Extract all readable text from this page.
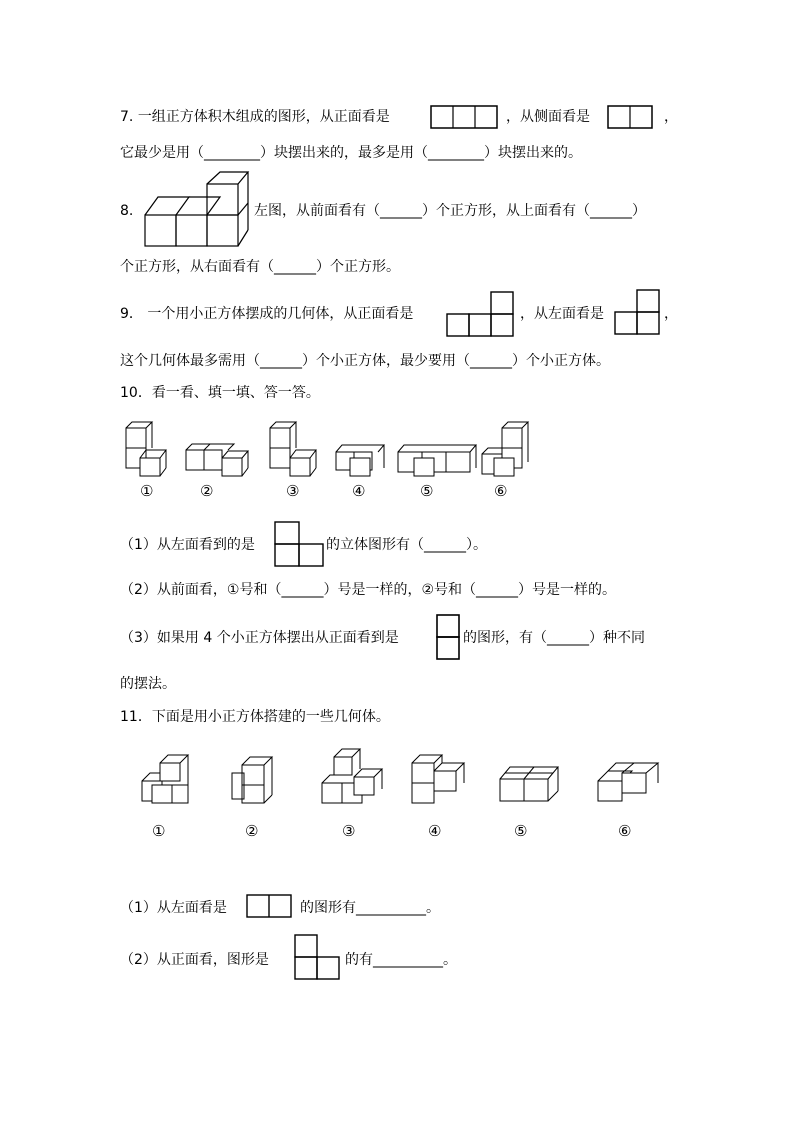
7. 一组正方体积木组成的图形，从正面看是	，从侧面看是	，
它最少是用（________）块摆出来的，最多是用（________）块摆出来的。
8.	左图，从前面看有（______）个正方形，从上面看有（______）
个正方形，从右面看有（______）个正方形。
9． 一个用小正方体摆成的几何体，从正面看是	，从左面看是	，
这个几何体最多需用（______）个小正方体，最少要用（______）个小正方体。
10．看一看、填一填、答一答。
①	②	③	④	⑤	⑥
（1）从左面看到的是	的立体图形有（______）。
（2）从前面看，①号和（______）号是一样的，②号和（______）号是一样的。
（3）如果用 4 个小正方体摆出从正面看到是	的图形，有（______）种不同
的摆法。
11．下面是用小正方体搭建的一些几何体。
①	②	③	④	⑤	⑥
（1）从左面看是	的图形有__________。
（2）从正面看，图形是	的有__________。
